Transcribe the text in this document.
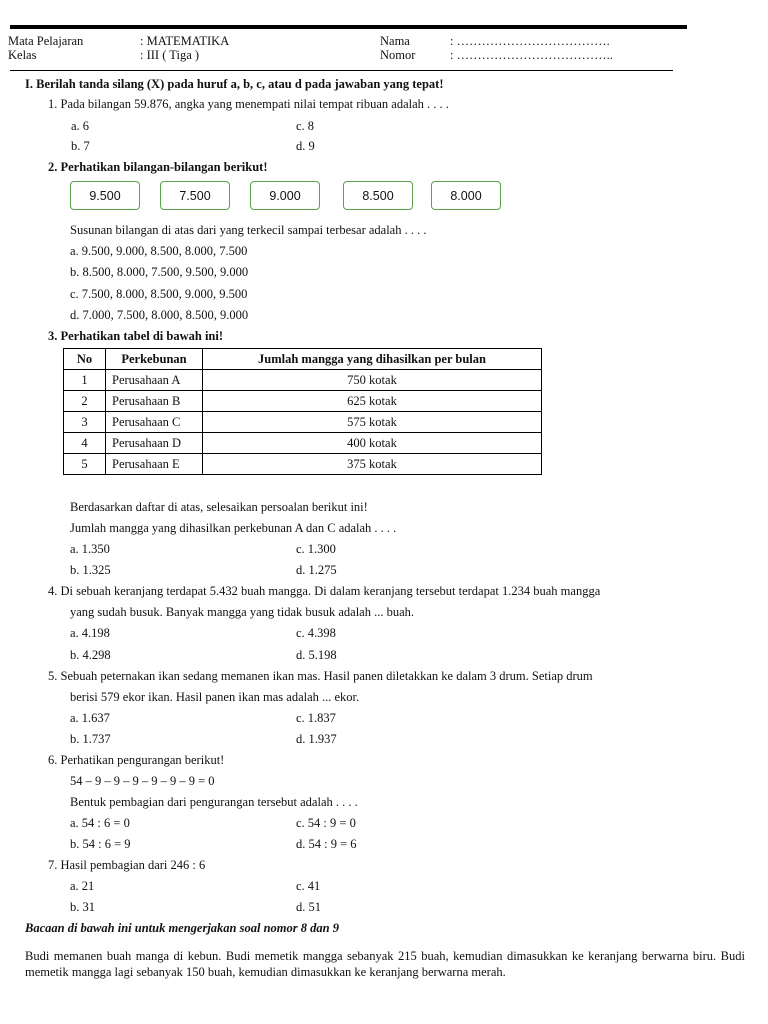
Mata Pelajaran	: MATEMATIKA
Kelas	: III ( Tiga )
Nama	: ……………………………….
Nomor	: ………………………………..
I. Berilah tanda silang (X) pada huruf a, b, c, atau d pada jawaban yang tepat!
1. Pada bilangan 59.876, angka yang menempati nilai tempat ribuan adalah . . . .
a. 6	c. 8
b. 7	d. 9
2. Perhatikan bilangan-bilangan berikut!
9.500	7.500	9.000	8.500	8.000
Susunan bilangan di atas dari yang terkecil sampai terbesar adalah . . . .
a. 9.500, 9.000, 8.500, 8.000, 7.500
b. 8.500, 8.000, 7.500, 9.500, 9.000
c. 7.500, 8.000, 8.500, 9.000, 9.500
d. 7.000, 7.500, 8.000, 8.500, 9.000
3. Perhatikan tabel di bawah ini!
No	Perkebunan	Jumlah mangga yang dihasilkan per bulan
1	Perusahaan A	750 kotak
2	Perusahaan B	625 kotak
3	Perusahaan C	575 kotak
4	Perusahaan D	400 kotak
5	Perusahaan E	375 kotak
Berdasarkan daftar di atas, selesaikan persoalan berikut ini!
Jumlah mangga yang dihasilkan perkebunan A dan C adalah . . . .
a. 1.350	c. 1.300
b. 1.325	d. 1.275
4. Di sebuah keranjang terdapat 5.432 buah mangga. Di dalam keranjang tersebut terdapat 1.234 buah mangga
yang sudah busuk. Banyak mangga yang tidak busuk adalah ... buah.
a. 4.198	c. 4.398
b. 4.298	d. 5.198
5. Sebuah peternakan ikan sedang memanen ikan mas. Hasil panen diletakkan ke dalam 3 drum. Setiap drum
berisi 579 ekor ikan. Hasil panen ikan mas adalah ... ekor.
a. 1.637	c. 1.837
b. 1.737	d. 1.937
6. Perhatikan pengurangan berikut!
54 – 9 – 9 – 9 – 9 – 9 – 9 = 0
Bentuk pembagian dari pengurangan tersebut adalah . . . .
a. 54 : 6 = 0	c. 54 : 9 = 0
b. 54 : 6 = 9	d. 54 : 9 = 6
7. Hasil pembagian dari 246 : 6
a. 21	c. 41
b. 31	d. 51
Bacaan di bawah ini untuk mengerjakan soal nomor 8 dan 9
Budi memanen buah manga di kebun. Budi memetik mangga sebanyak 215 buah, kemudian dimasukkan ke keranjang berwarna biru. Budi memetik mangga lagi sebanyak 150 buah, kemudian dimasukkan ke keranjang berwarna merah.
